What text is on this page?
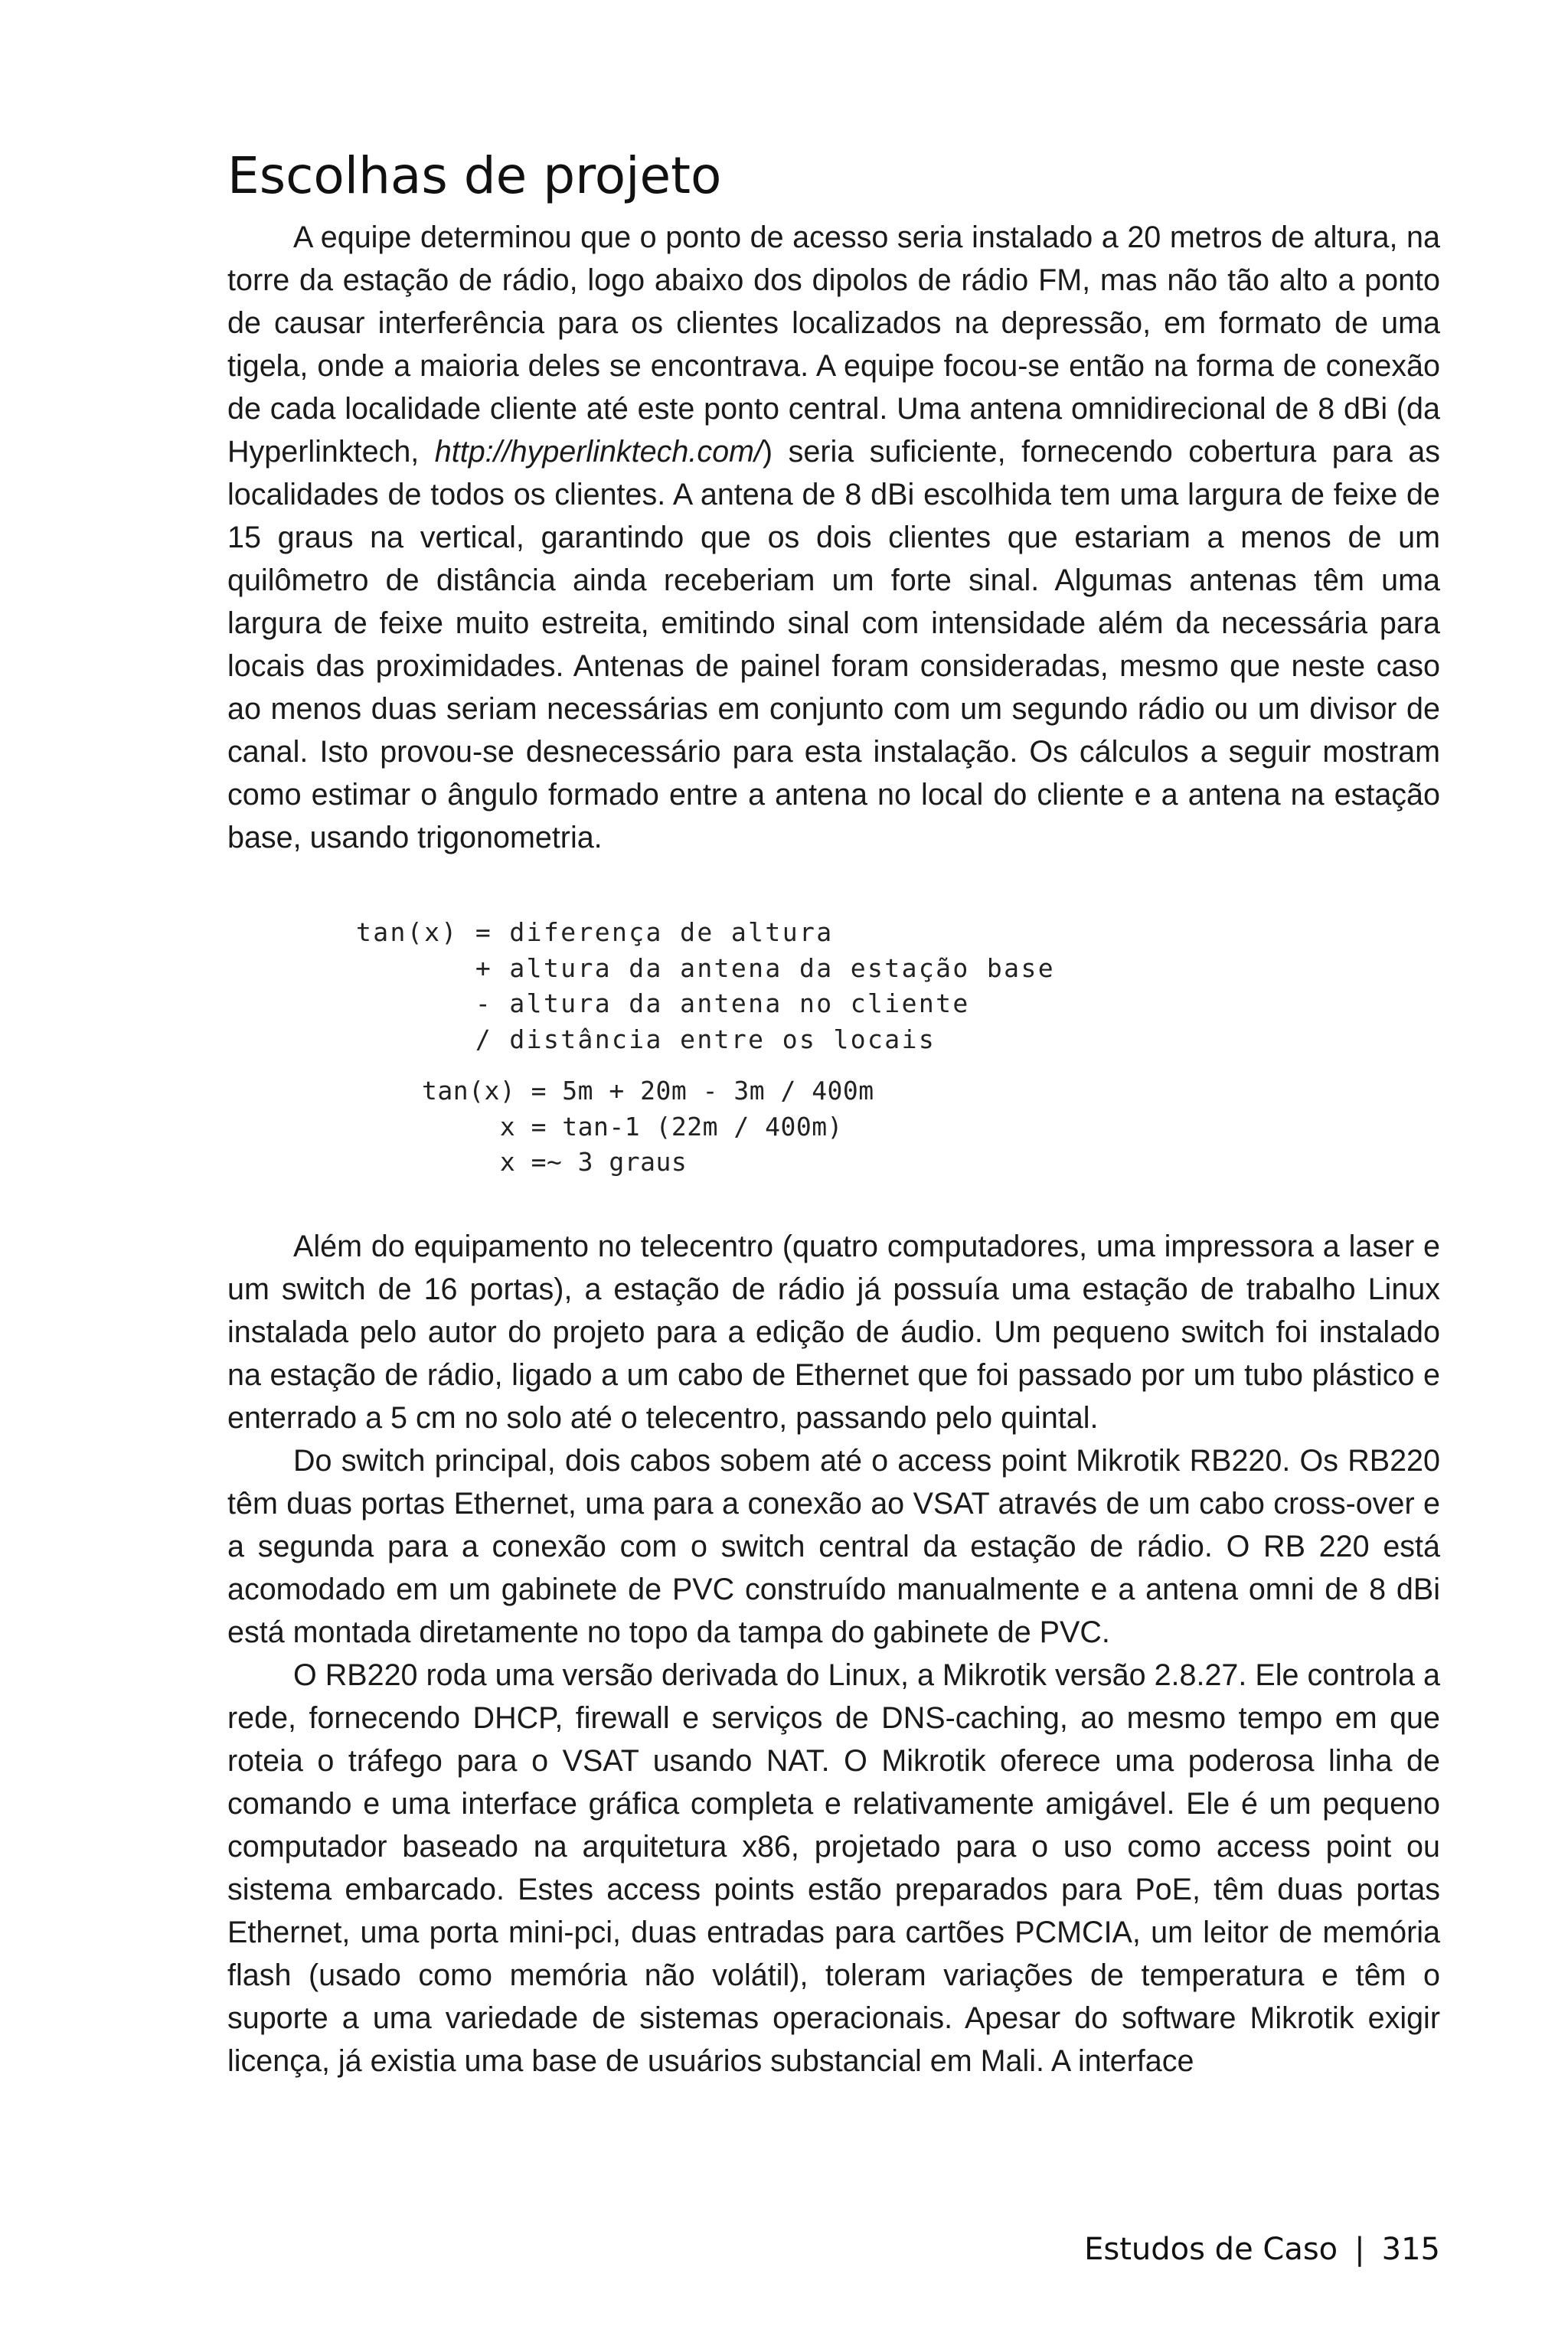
Escolhas de projeto

A equipe determinou que o ponto de acesso seria instalado a 20 metros de altura, na torre da estação de rádio, logo abaixo dos dipolos de rádio FM, mas não tão alto a ponto de causar interferência para os clientes localizados na depressão, em formato de uma tigela, onde a maioria deles se encontrava. A equipe focou-se então na forma de conexão de cada localidade cliente até este ponto central. Uma antena omnidirecional de 8 dBi (da Hyperlinktech, http://hyperlinktech.com/) seria suficiente, fornecendo cobertura para as localidades de todos os clientes. A antena de 8 dBi escolhida tem uma largura de feixe de 15 graus na vertical, garantindo que os dois clientes que estariam a menos de um quilômetro de distância ainda receberiam um forte sinal. Algumas antenas têm uma largura de feixe muito estreita, emitindo sinal com intensidade além da necessária para locais das proximidades. Antenas de painel foram consideradas, mesmo que neste caso ao menos duas seriam necessárias em conjunto com um segundo rádio ou um divisor de canal. Isto provou-se desnecessário para esta instalação. Os cálculos a seguir mostram como estimar o ângulo formado entre a antena no local do cliente e a antena na estação base, usando trigonometria.

tan(x) = diferença de altura
+ altura da antena da estação base
- altura da antena no cliente
/ distância entre os locais
tan(x) = 5m + 20m - 3m / 400m
x = tan-1 (22m / 400m)
x =~ 3 graus

Além do equipamento no telecentro (quatro computadores, uma impressora a laser e um switch de 16 portas), a estação de rádio já possuía uma estação de trabalho Linux instalada pelo autor do projeto para a edição de áudio. Um pequeno switch foi instalado na estação de rádio, ligado a um cabo de Ethernet que foi passado por um tubo plástico e enterrado a 5 cm no solo até o telecentro, passando pelo quintal.

Do switch principal, dois cabos sobem até o access point Mikrotik RB220. Os RB220 têm duas portas Ethernet, uma para a conexão ao VSAT através de um cabo cross-over e a segunda para a conexão com o switch central da estação de rádio. O RB 220 está acomodado em um gabinete de PVC construído manualmente e a antena omni de 8 dBi está montada diretamente no topo da tampa do gabinete de PVC.

O RB220 roda uma versão derivada do Linux, a Mikrotik versão 2.8.27. Ele controla a rede, fornecendo DHCP, firewall e serviços de DNS-caching, ao mesmo tempo em que roteia o tráfego para o VSAT usando NAT. O Mikrotik oferece uma poderosa linha de comando e uma interface gráfica completa e relativamente amigável. Ele é um pequeno computador baseado na arquitetura x86, projetado para o uso como access point ou sistema embarcado. Estes access points estão preparados para PoE, têm duas portas Ethernet, uma porta mini-pci, duas entradas para cartões PCMCIA, um leitor de memória flash (usado como memória não volátil), toleram variações de temperatura e têm o suporte a uma variedade de sistemas operacionais. Apesar do software Mikrotik exigir licença, já existia uma base de usuários substancial em Mali. A interface

Estudos de Caso | 315
